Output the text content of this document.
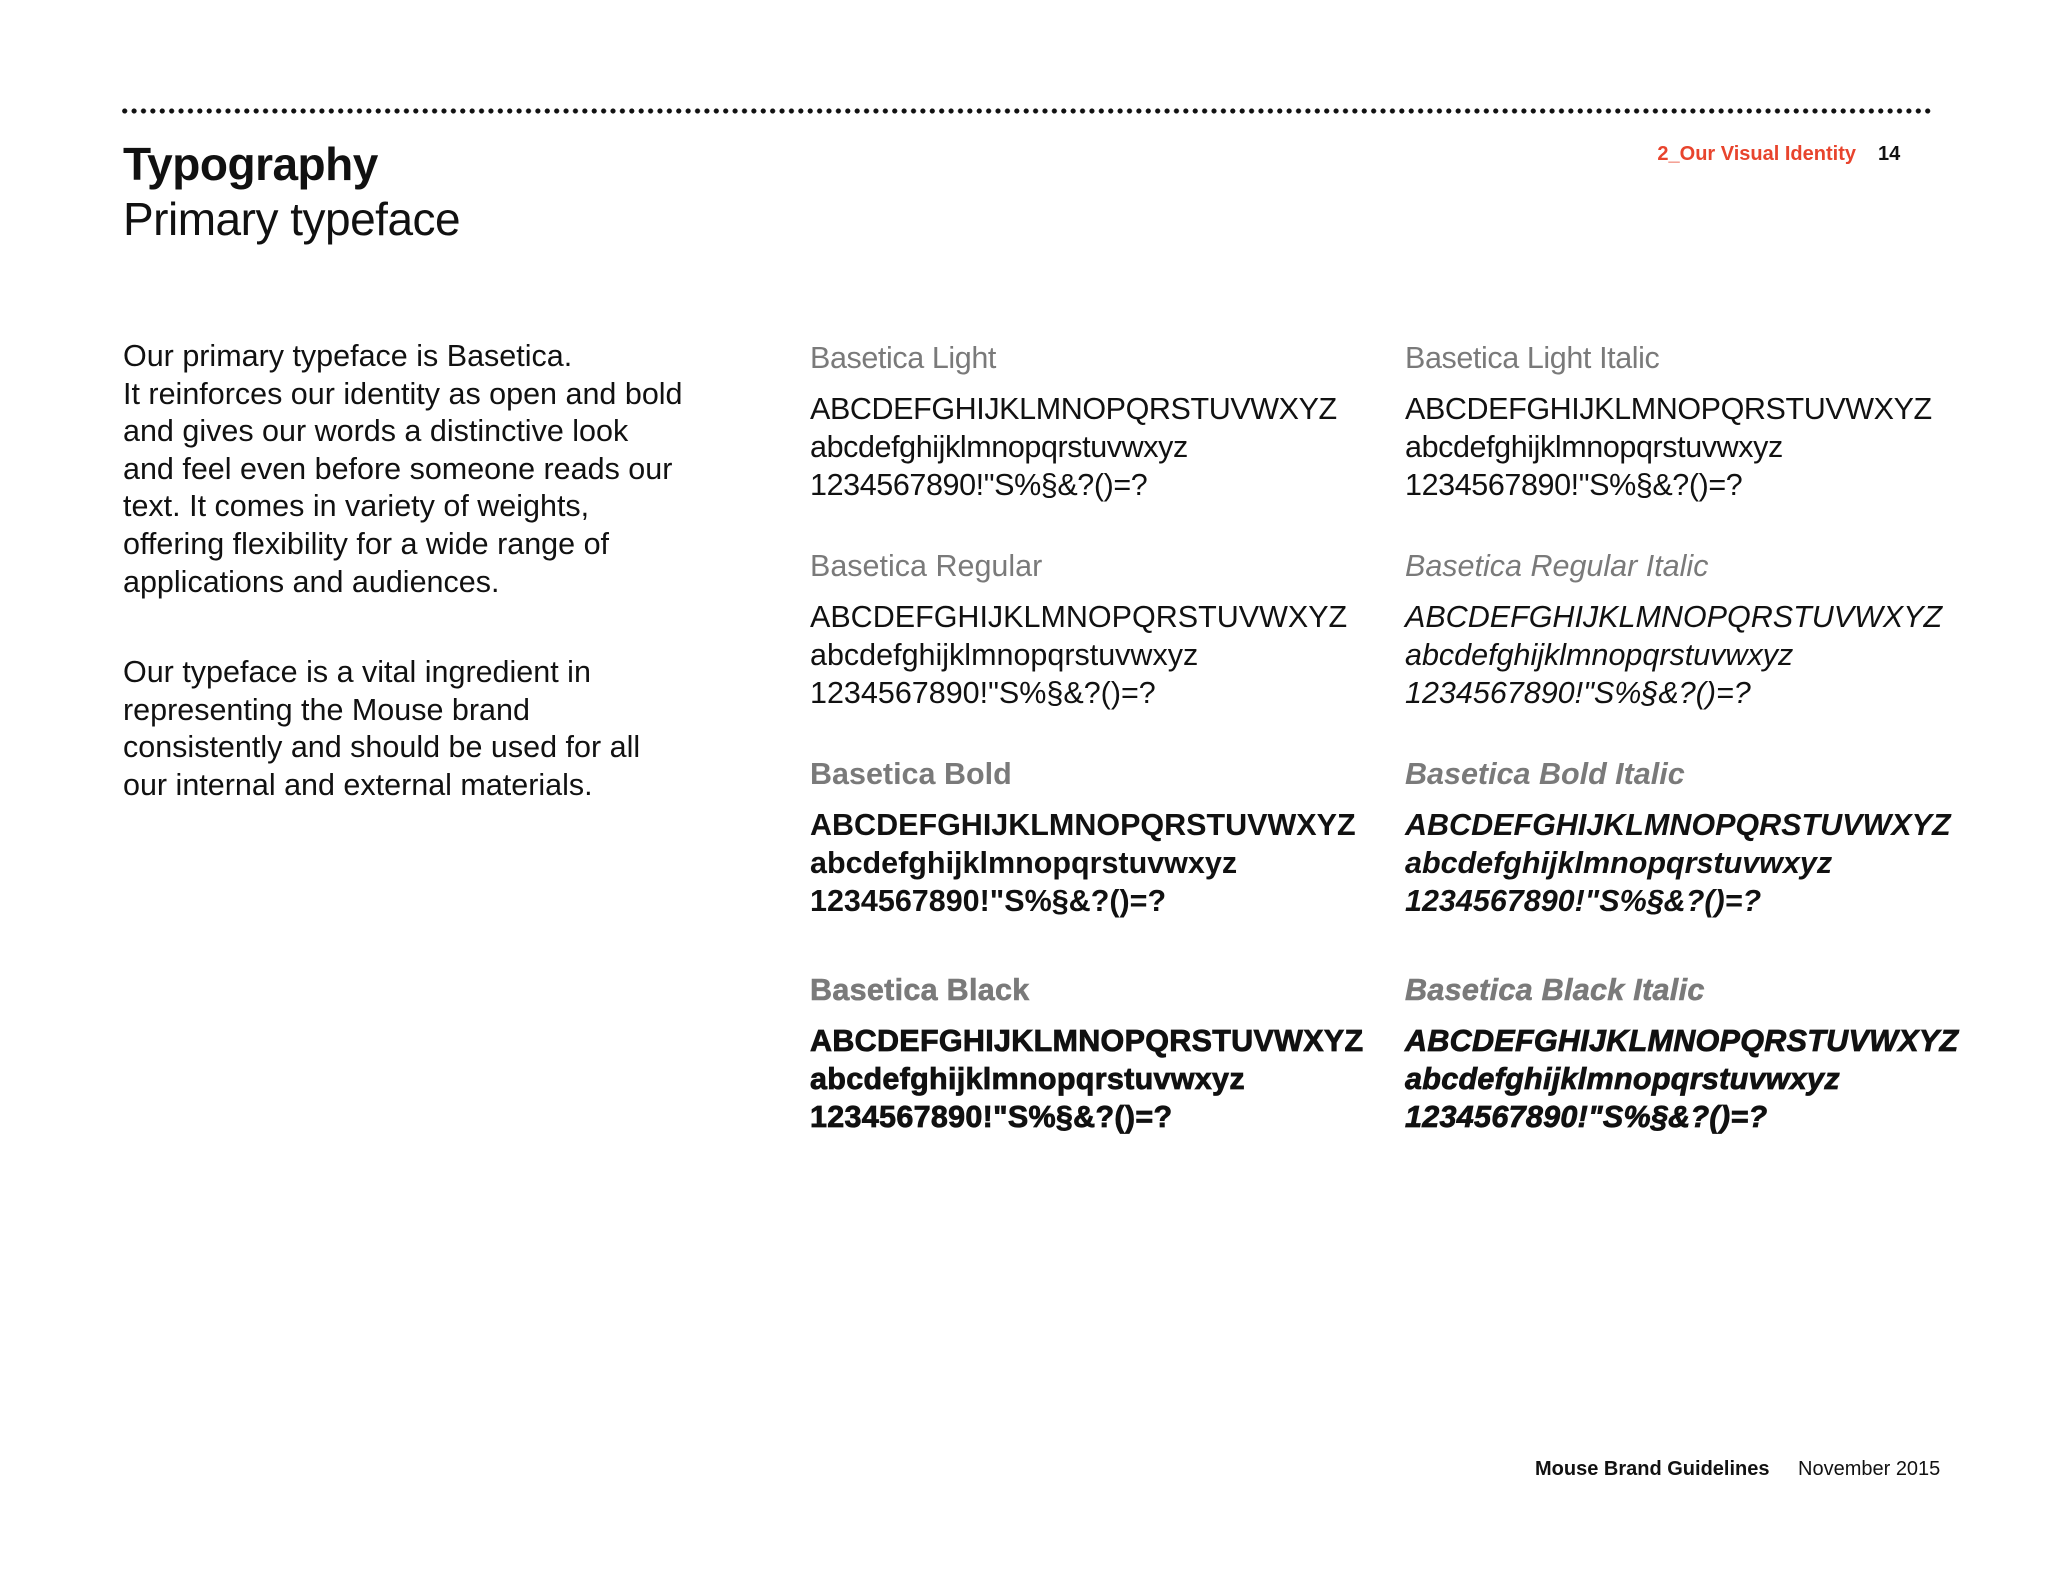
Typography
Primary typeface
2_Our Visual Identity 14

Our primary typeface is Basetica.
It reinforces our identity as open and bold and gives our words a distinctive look and feel even before someone reads our text. It comes in variety of weights, offering flexibility for a wide range of applications and audiences.

Our typeface is a vital ingredient in representing the Mouse brand consistently and should be used for all our internal and external materials.

Basetica Light
ABCDEFGHIJKLMNOPQRSTUVWXYZ
abcdefghijklmnopqrstuvwxyz
1234567890!"S%§&?()=?
Basetica Regular
ABCDEFGHIJKLMNOPQRSTUVWXYZ
abcdefghijklmnopqrstuvwxyz
1234567890!"S%§&?()=?
Basetica Bold
ABCDEFGHIJKLMNOPQRSTUVWXYZ
abcdefghijklmnopqrstuvwxyz
1234567890!"S%§&?()=?
Basetica Black
ABCDEFGHIJKLMNOPQRSTUVWXYZ
abcdefghijklmnopqrstuvwxyz
1234567890!"S%§&?()=?
Basetica Light Italic
ABCDEFGHIJKLMNOPQRSTUVWXYZ
abcdefghijklmnopqrstuvwxyz
1234567890!"S%§&?()=?
Basetica Regular Italic
ABCDEFGHIJKLMNOPQRSTUVWXYZ
abcdefghijklmnopqrstuvwxyz
1234567890!"S%§&?()=?
Basetica Bold Italic
ABCDEFGHIJKLMNOPQRSTUVWXYZ
abcdefghijklmnopqrstuvwxyz
1234567890!"S%§&?()=?
Basetica Black Italic
ABCDEFGHIJKLMNOPQRSTUVWXYZ
abcdefghijklmnopqrstuvwxyz
1234567890!"S%§&?()=?
Mouse Brand Guidelines November 2015
